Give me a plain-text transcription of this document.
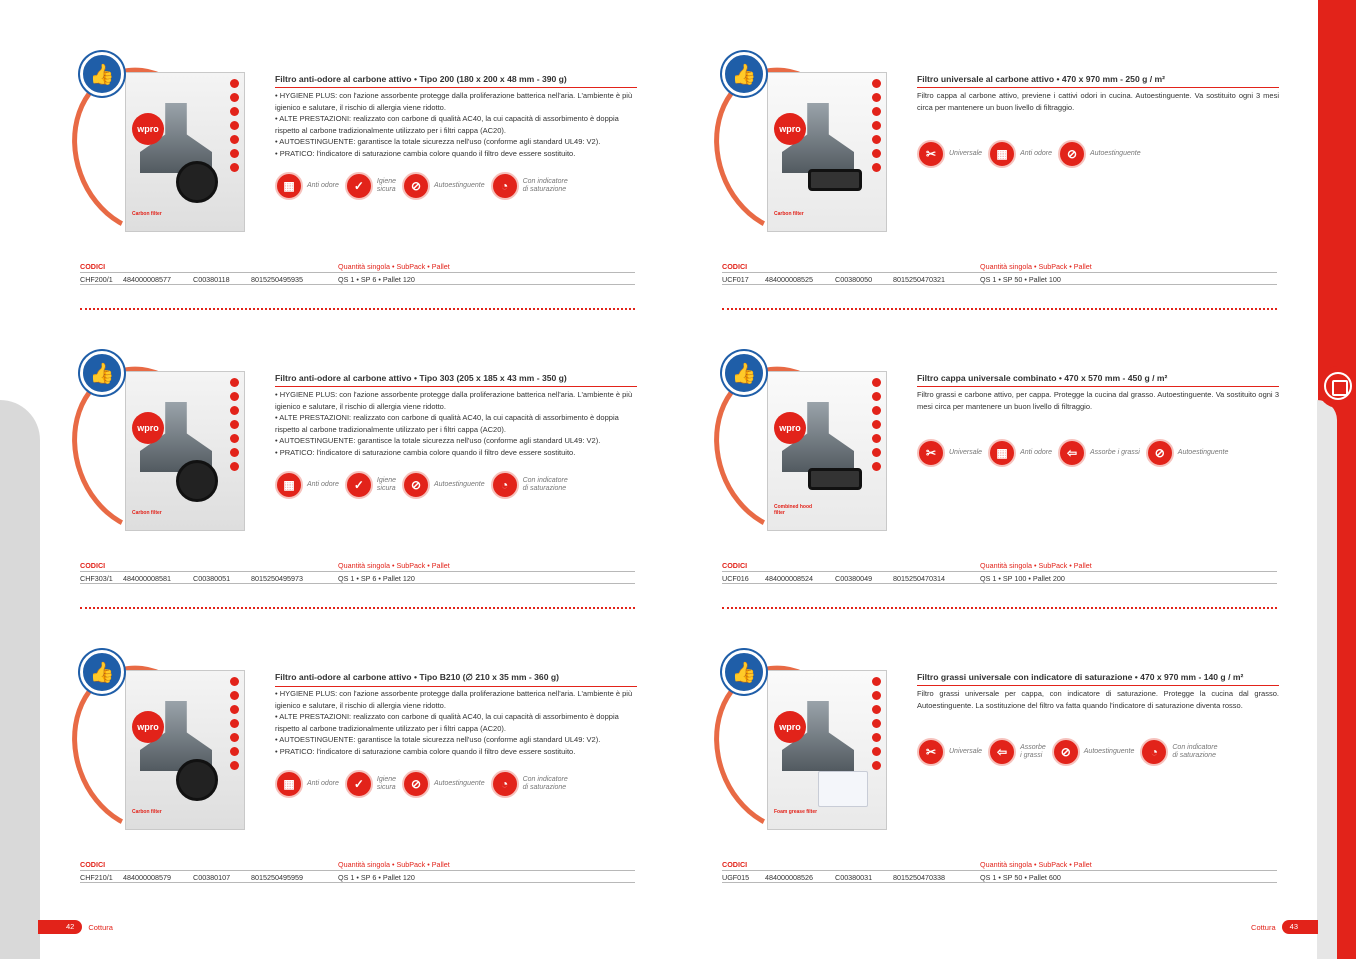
👍
wpro
Carbon filter
Filtro anti-odore al carbone attivo • Tipo 200 (180 x 200 x 48 mm - 390 g)
• HYGIENE PLUS: con l'azione assorbente protegge dalla proliferazione batterica nell'aria. L'ambiente è più igienico e salutare, il rischio di allergia viene ridotto.
• ALTE PRESTAZIONI: realizzato con carbone di qualità AC40, la cui capacità di assorbimento è doppia rispetto al carbone tradizionalmente utilizzato per i filtri cappa (AC20).
• AUTOESTINGUENTE: garantisce la totale sicurezza nell'uso (conforme agli standard UL49: V2).
• PRATICO: l'indicatore di saturazione cambia colore quando il filtro deve essere sostituito.
▦	Anti odore	✓	Igiene
sicura	⊘	Autoestinguente	◔	Con indicatore
di saturazione
CODICI	Quantità singola • SubPack • Pallet
CHF200/1 484000008577	C00380118	8015250495935	QS 1 • SP 6 • Pallet 120
👍
wpro
Carbon filter
Filtro universale al carbone attivo • 470 x 970 mm - 250 g / m²
Filtro cappa al carbone attivo, previene i cattivi odori in cucina. Autoestinguente. Va sostituito ogni 3 mesi circa per mantenere un buon livello di filtraggio.
✂	Universale	▦	Anti odore	⊘	Autoestinguente
CODICI	Quantità singola • SubPack • Pallet
UCF017 484000008525	C00380050	8015250470321	QS 1 • SP 50 • Pallet 100
👍
wpro
Carbon filter
Filtro anti-odore al carbone attivo • Tipo 303 (205 x 185 x 43 mm - 350 g)
• HYGIENE PLUS: con l'azione assorbente protegge dalla proliferazione batterica nell'aria. L'ambiente è più igienico e salutare, il rischio di allergia viene ridotto.
• ALTE PRESTAZIONI: realizzato con carbone di qualità AC40, la cui capacità di assorbimento è doppia rispetto al carbone tradizionalmente utilizzato per i filtri cappa (AC20).
• AUTOESTINGUENTE: garantisce la totale sicurezza nell'uso (conforme agli standard UL49: V2).
• PRATICO: l'indicatore di saturazione cambia colore quando il filtro deve essere sostituito.
▦	Anti odore	✓	Igiene
sicura	⊘	Autoestinguente	◔	Con indicatore
di saturazione
CODICI	Quantità singola • SubPack • Pallet
CHF303/1 484000008581	C00380051	8015250495973	QS 1 • SP 6 • Pallet 120
👍
wpro
Combined hood filter
Filtro cappa universale combinato • 470 x 570 mm - 450 g / m²
Filtro grassi e carbone attivo, per cappa. Protegge la cucina dal grasso. Autoestinguente. Va sostituito ogni 3 mesi circa per mantenere un buon livello di filtraggio.
✂	Universale	▦	Anti odore	⇦	Assorbe i grassi	⊘	Autoestinguente
CODICI	Quantità singola • SubPack • Pallet
UCF016 484000008524	C00380049	8015250470314	QS 1 • SP 100 • Pallet 200
👍
wpro
Carbon filter
Filtro anti-odore al carbone attivo • Tipo B210 (∅ 210 x 35 mm - 360 g)
• HYGIENE PLUS: con l'azione assorbente protegge dalla proliferazione batterica nell'aria. L'ambiente è più igienico e salutare, il rischio di allergia viene ridotto.
• ALTE PRESTAZIONI: realizzato con carbone di qualità AC40, la cui capacità di assorbimento è doppia rispetto al carbone tradizionalmente utilizzato per i filtri cappa (AC20).
• AUTOESTINGUENTE: garantisce la totale sicurezza nell'uso (conforme agli standard UL49: V2).
• PRATICO: l'indicatore di saturazione cambia colore quando il filtro deve essere sostituito.
▦	Anti odore	✓	Igiene
sicura	⊘	Autoestinguente	◔	Con indicatore
di saturazione
CODICI	Quantità singola • SubPack • Pallet
CHF210/1 484000008579	C00380107	8015250495959	QS 1 • SP 6 • Pallet 120
👍
wpro
Foam grease filter
Filtro grassi universale con indicatore di saturazione • 470 x 970 mm - 140 g / m²
Filtro grassi universale per cappa, con indicatore di saturazione. Protegge la cucina dal grasso. Autoestinguente. La sostituzione del filtro va fatta quando l'indicatore di saturazione diventa rosso.
✂	Universale	⇦	Assorbe
i grassi	⊘	Autoestinguente	◔	Con indicatore
di saturazione
CODICI	Quantità singola • SubPack • Pallet
UGF015 484000008526	C00380031	8015250470338	QS 1 • SP 50 • Pallet 600
42	Cottura	Cottura	43
